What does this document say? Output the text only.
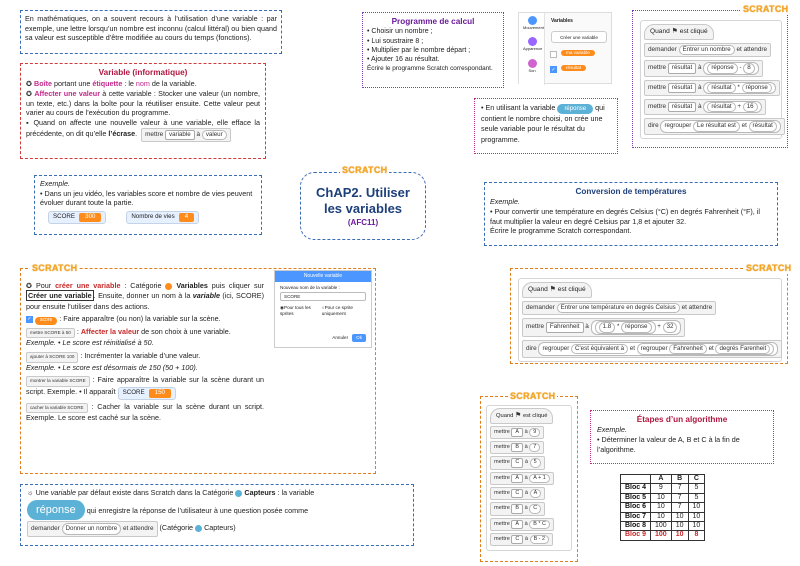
En mathématiques, on a souvent recours à l’utilisation d’une variable : par exemple, une lettre lorsqu’un nombre est inconnu (calcul littéral) ou bien quand sa valeur est susceptible d’être modifiée au cours du temps (fonctions).
Variable (informatique)
✪ Boîte portant une étiquette : le nom de la variable.
✪ Affecter une valeur à cette variable : Stocker une valeur (un nombre, un texte, etc.) dans la boîte pour la réutiliser ensuite. Cette valeur peut varier au cours de l’exécution du programme.
▪ Quand on affecte une nouvelle valeur à une variable, elle efface la précédente, on dit qu’elle l’écrase. mettre variable à valeur
Exemple.
• Dans un jeu vidéo, les variables score et nombre de vies peuvent évoluer durant toute la partie.
SCORE 300	Nombre de vies 4
ChAP2. Utiliser
les variables
(AFC11)
SCRATCH
Programme de calcul
• Choisir un nombre ;
• Lui soustraire 8 ;
• Multiplier par le nombre départ ;
• Ajouter 16 au résultat.
Écrire le programme Scratch correspondant.
Mouvement
Apparence
Son
Variables
Créer une variable
ma variable
✓	résultat
• En utilisant la variable réponse qui contient le nombre choisi, on crée une seule variable pour le résultat du programme.
SCRATCH
Quand ⚑ est cliqué
demander Entrer un nombre et attendre
mettre résultat à réponse - 8
mettre résultat à résultat * réponse
mettre résultat à résultat + 16
dire regrouper Le résultat est et résultat
Conversion de températures
Exemple.
• Pour convertir une température en degrés Celsius (°C) en degrés Fahrenheit (°F), il faut multiplier la valeur en degré Celsius par 1,8 et ajouter 32.
Écrire le programme Scratch correspondant.
SCRATCH
Quand ⚑ est cliqué
demander Entrer une température en degrés Celsius et attendre
mettre Fahrenheit à 1.8 * réponse + 32
dire regrouper C'est équivalent à et regrouper Fahrenheit et degrés Farenheit
SCRATCH
✪ Pour créer une variable : Catégorie  Variables puis cliquer sur Créer une variable . Ensuite, donner un nom à la variable (ici, SCORE) pour ensuite l’utiliser dans des actions.
✓ score : Faire apparaître (ou non) la variable sur la scène.
mettre SCORE à 50 : Affecter la valeur de son choix à une variable.
Exemple. • Le score est réinitialisé à 50.
ajouter à SCORE 100 : Incrémenter la variable d’une valeur.
Exemple. • Le score est désormais de 150 (50 + 100).
montrer la variable SCORE : Faire apparaître la variable sur la scène durant un script. Exemple. • Il apparaît SCORE 150
cacher la variable SCORE : Cacher la variable sur la scène durant un script. Exemple. Le score est caché sur la scène.
Nouvelle variable
Nouveau nom de la variable :
SCORE
◉Pour tous les sprites
○Pour ce sprite uniquement
Annuler	Ok
☼ Une variable par défaut existe dans Scratch dans la Catégorie  Capteurs : la variable
réponse qui enregistre la réponse de l’utilisateur à une question posée comme
demander Donner un nombre et attendre (Catégorie Capteurs)
SCRATCH
Quand ⚑ est cliqué
mettre A à 9
mettre B à 7
mettre C à 5
mettre A à A + 1
mettre C à A
mettre B à C
mettre A à B * C
mettre C à B - 2
Étapes d’un algorithme
Exemple.
• Déterminer la valeur de A, B et C à la fin de l’algorithme.
	A	B	C
Bloc 4	9	7	5
Bloc 5	10	7	5
Bloc 6	10	7	10
Bloc 7	10	10	10
Bloc 8	100	10	10
Bloc 9	100	10	8
